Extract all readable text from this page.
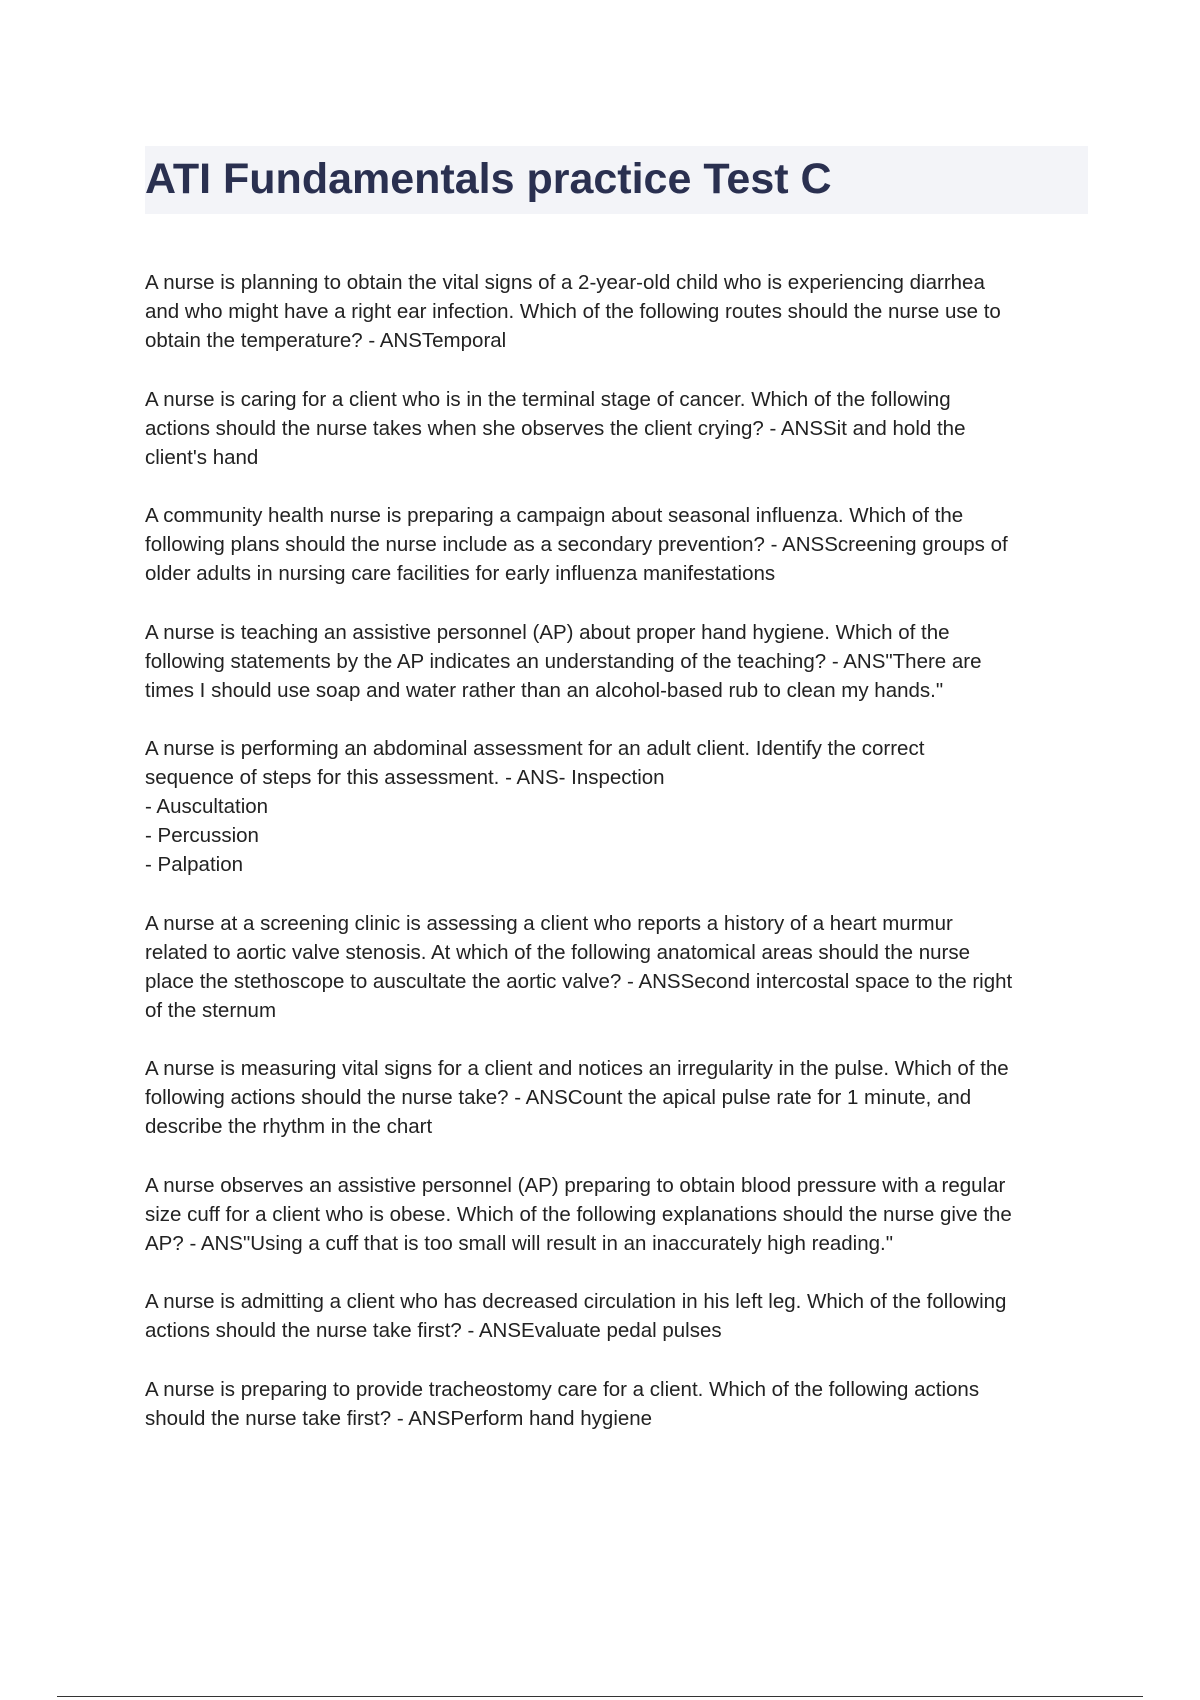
ATI Fundamentals practice Test C

A nurse is planning to obtain the vital signs of a 2-year-old child who is experiencing diarrhea
and who might have a right ear infection. Which of the following routes should the nurse use to
obtain the temperature? - ANSTemporal

A nurse is caring for a client who is in the terminal stage of cancer. Which of the following
actions should the nurse takes when she observes the client crying? - ANSSit and hold the
client's hand

A community health nurse is preparing a campaign about seasonal influenza. Which of the
following plans should the nurse include as a secondary prevention? - ANSScreening groups of
older adults in nursing care facilities for early influenza manifestations

A nurse is teaching an assistive personnel (AP) about proper hand hygiene. Which of the
following statements by the AP indicates an understanding of the teaching? - ANS"There are
times I should use soap and water rather than an alcohol-based rub to clean my hands."

A nurse is performing an abdominal assessment for an adult client. Identify the correct
sequence of steps for this assessment. - ANS- Inspection
- Auscultation
- Percussion
- Palpation

A nurse at a screening clinic is assessing a client who reports a history of a heart murmur
related to aortic valve stenosis. At which of the following anatomical areas should the nurse
place the stethoscope to auscultate the aortic valve? - ANSSecond intercostal space to the right
of the sternum

A nurse is measuring vital signs for a client and notices an irregularity in the pulse. Which of the
following actions should the nurse take? - ANSCount the apical pulse rate for 1 minute, and
describe the rhythm in the chart

A nurse observes an assistive personnel (AP) preparing to obtain blood pressure with a regular
size cuff for a client who is obese. Which of the following explanations should the nurse give the
AP? - ANS"Using a cuff that is too small will result in an inaccurately high reading."

A nurse is admitting a client who has decreased circulation in his left leg. Which of the following
actions should the nurse take first? - ANSEvaluate pedal pulses

A nurse is preparing to provide tracheostomy care for a client. Which of the following actions
should the nurse take first? - ANSPerform hand hygiene
